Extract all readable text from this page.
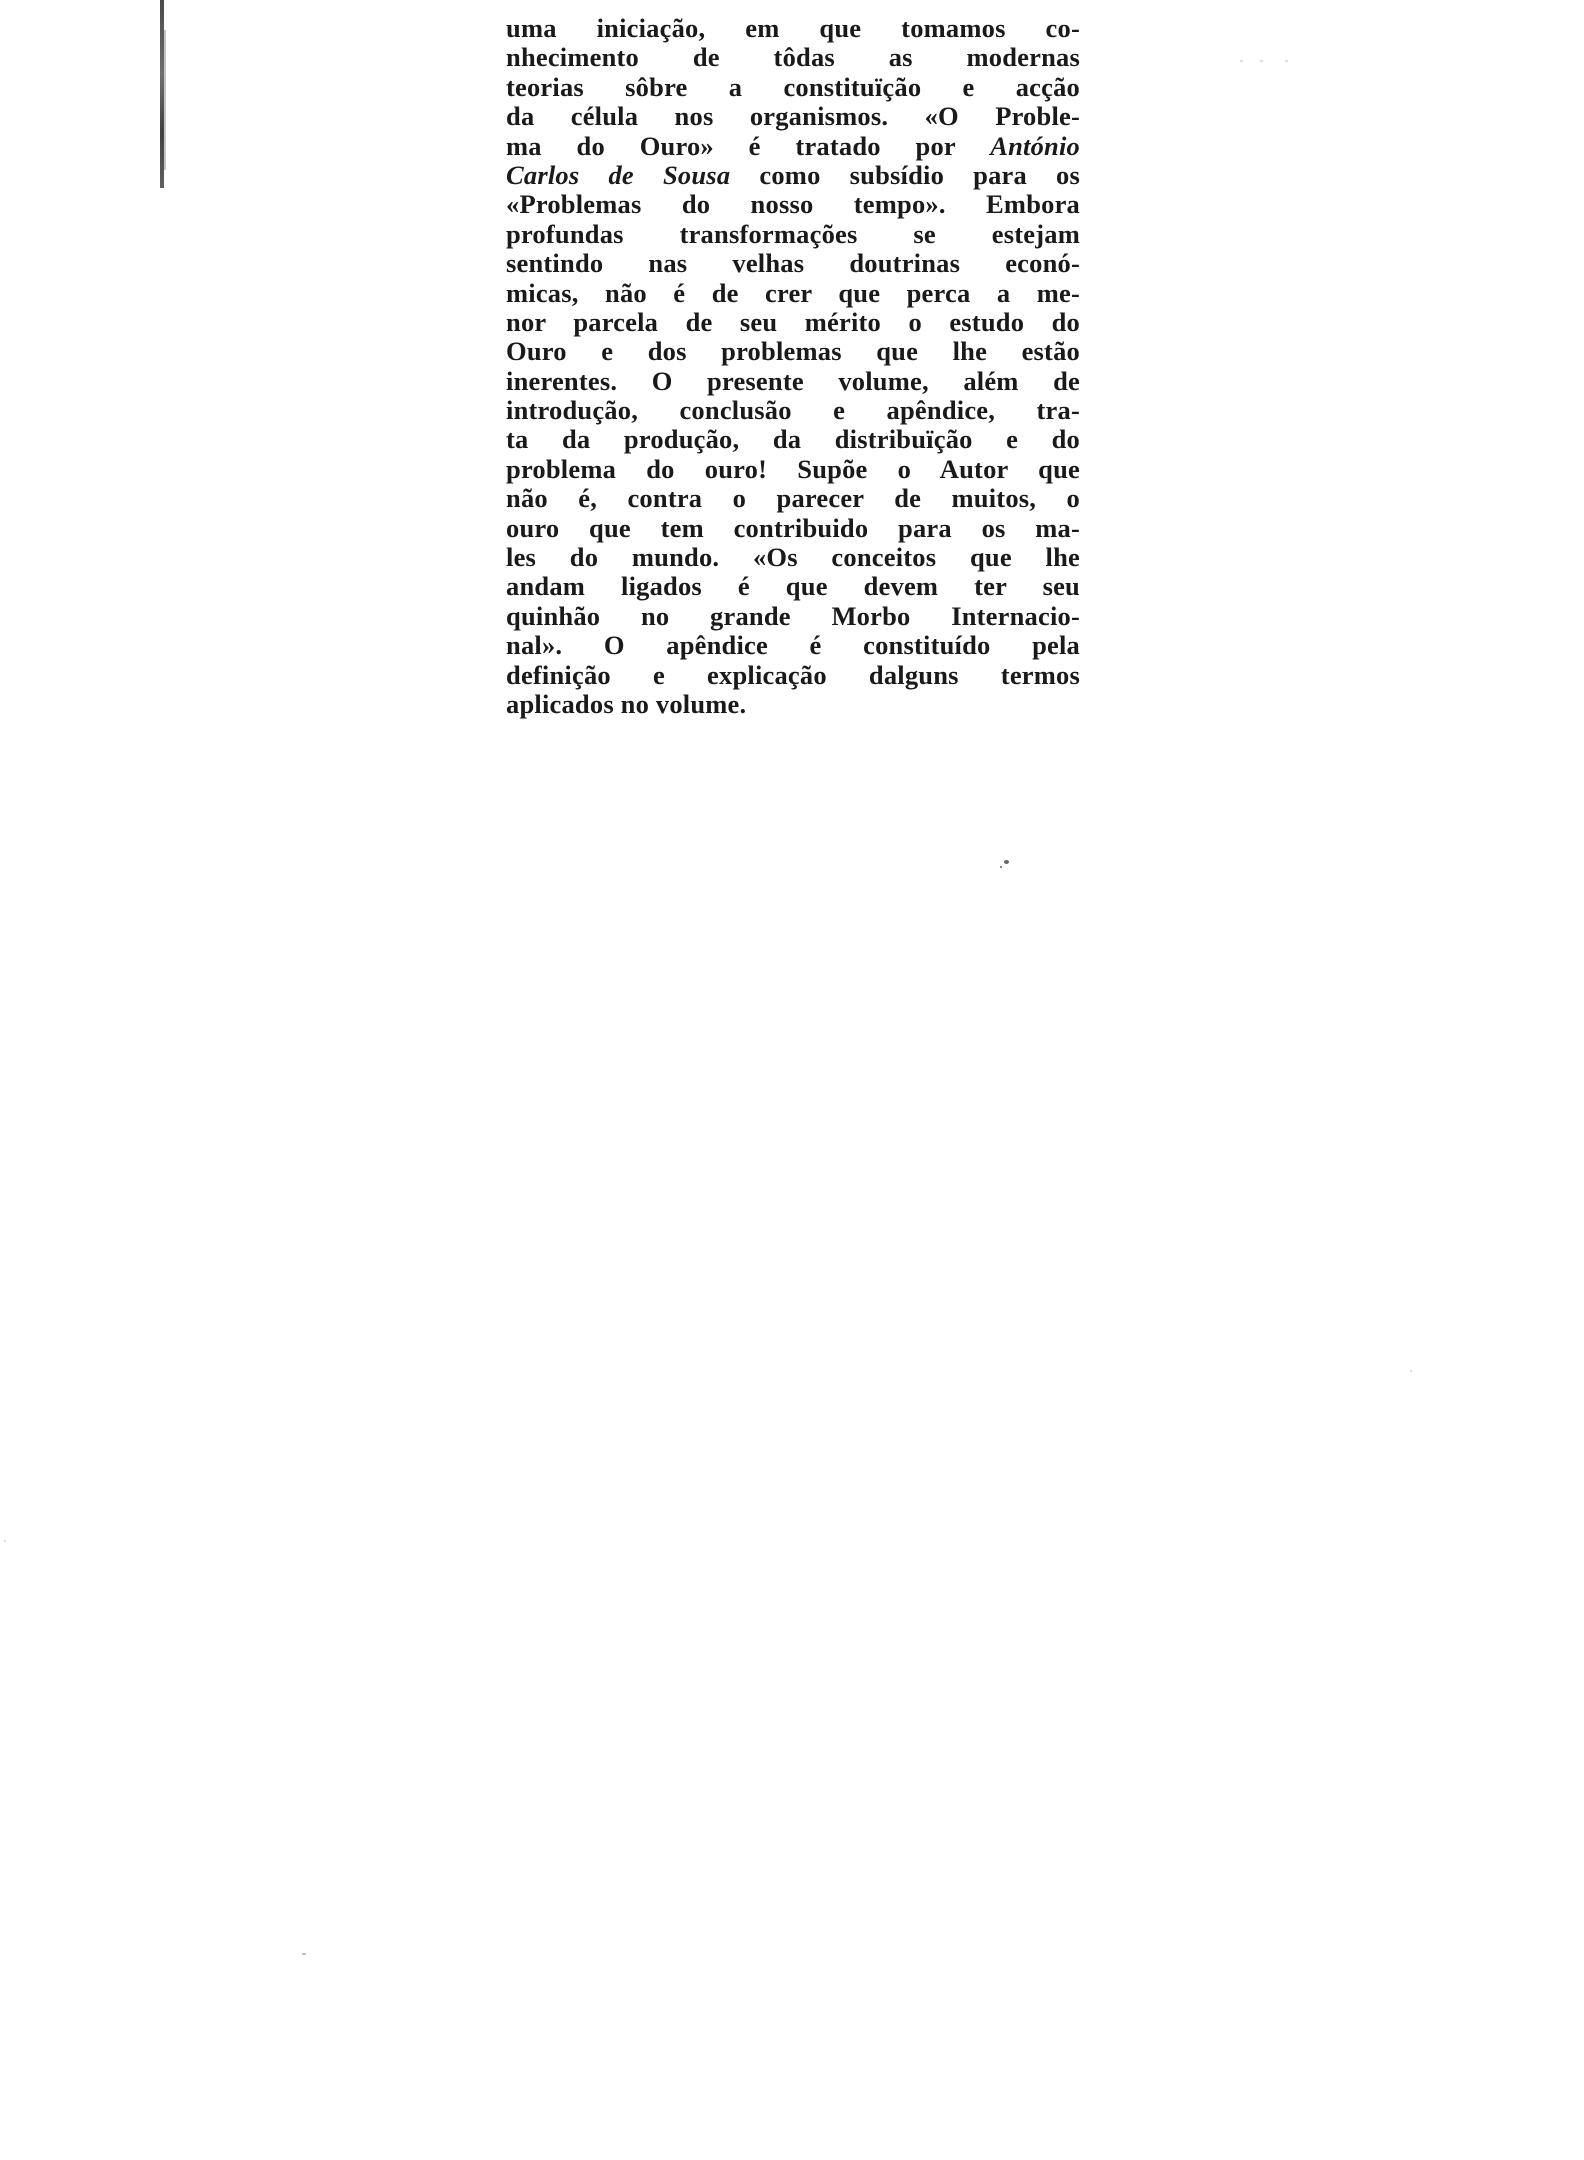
uma iniciação, em que tomamos co-
nhecimento de tôdas as modernas
teorias sôbre a constituïção e acção
da célula nos organismos. «O Proble-
ma do Ouro» é tratado por António
Carlos de Sousa como subsídio para os
«Problemas do nosso tempo». Embora
profundas transformações se estejam
sentindo nas velhas doutrinas econó-
micas, não é de crer que perca a me-
nor parcela de seu mérito o estudo do
Ouro e dos problemas que lhe estão
inerentes. O presente volume, além de
introdução, conclusão e apêndice, tra-
ta da produção, da distribuïção e do
problema do ouro! Supõe o Autor que
não é, contra o parecer de muitos, o
ouro que tem contribuido para os ma-
les do mundo. «Os conceitos que lhe
andam ligados é que devem ter seu
quinhão no grande Morbo Internacio-
nal». O apêndice é constituído pela
definição e explicação dalguns termos
aplicados no volume.
